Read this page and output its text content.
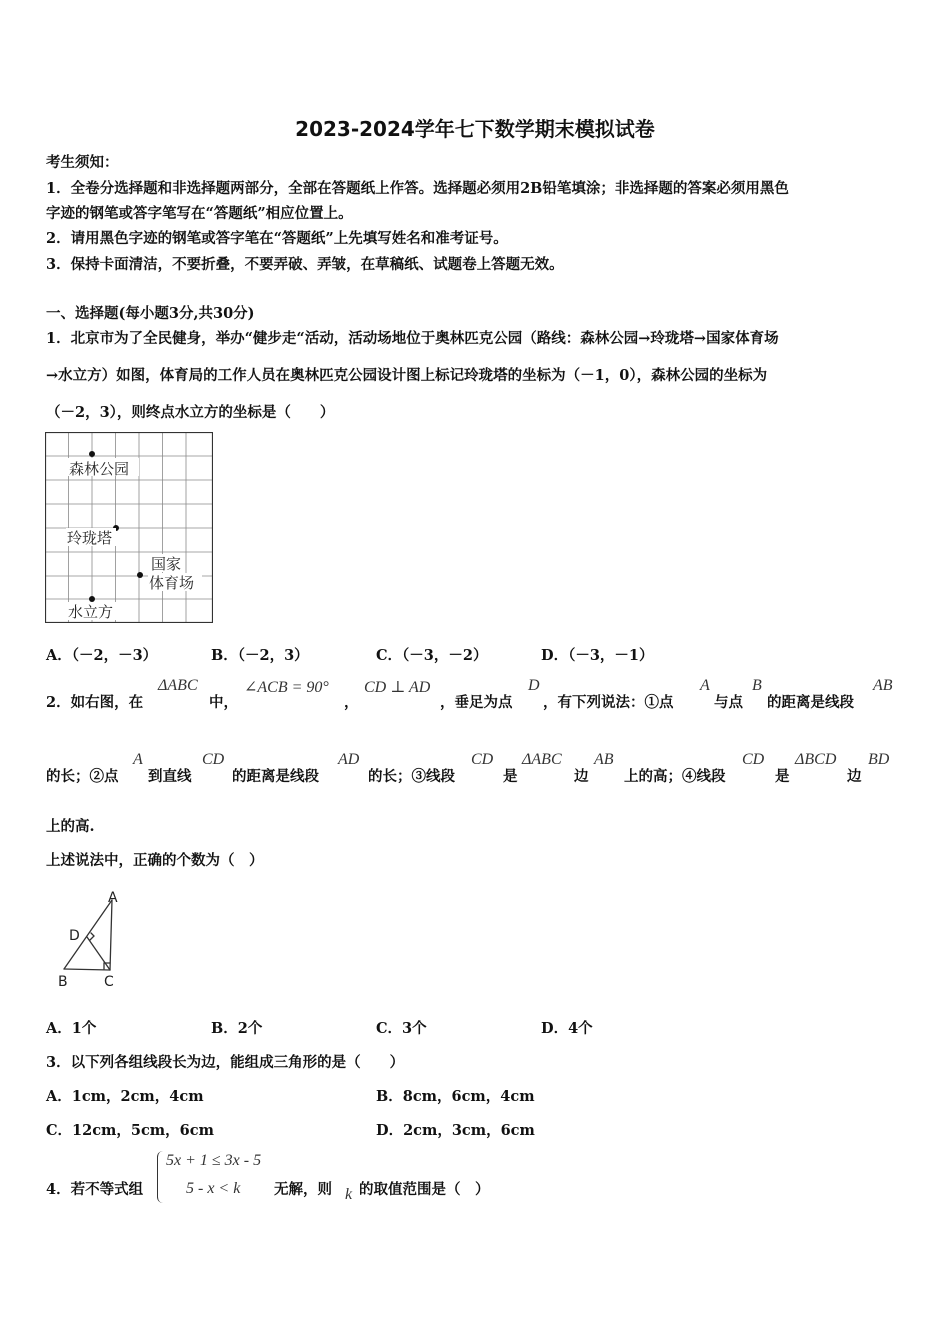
2023-2024学年七下数学期末模拟试卷
考生须知：
1．全卷分选择题和非选择题两部分，全部在答题纸上作答。选择题必须用2B铅笔填涂；非选择题的答案必须用黑色
字迹的钢笔或答字笔写在“答题纸”相应位置上。
2．请用黑色字迹的钢笔或答字笔在“答题纸”上先填写姓名和准考证号。
3．保持卡面清洁，不要折叠，不要弄破、弄皱，在草稿纸、试题卷上答题无效。
一、选择题(每小题3分,共30分)
1．北京市为了全民健身，举办“健步走“活动，活动场地位于奥林匹克公园（路线：森林公园→玲珑塔→国家体育场
→水立方）如图，体育局的工作人员在奥林匹克公园设计图上标记玲珑塔的坐标为（－1，0），森林公园的坐标为
（－2，3），则终点水立方的坐标是（　　）
森林公园
玲珑塔
国家
体育场
水立方
A．（－2，－3）	B．（－2，3）	C．（－3，－2）	D．（－3，－1）
2．如右图，在
ΔABC
中，
∠ACB = 90°
，
CD ⊥ AD
，垂足为点
D
，有下列说法：①点
A
与点
B
的距离是线段
AB
的长；②点
A
到直线
CD
的距离是线段
AD
的长；③线段
CD
是
ΔABC
边
AB
上的高；④线段
CD
是
ΔBCD
边
BD
上的高.
上述说法中，正确的个数为（　）
A
B	C
D
A．1个	B．2个	C．3个	D．4个
3．以下列各组线段长为边，能组成三角形的是（　　）
A．1cm，2cm，4cm	B．8cm，6cm，4cm
C．12cm，5cm，6cm	D．2cm，3cm，6cm
4．若不等式组
5x + 1 ≤ 3x - 5
5 - x < k 无解，则 k 的取值范围是（　）
